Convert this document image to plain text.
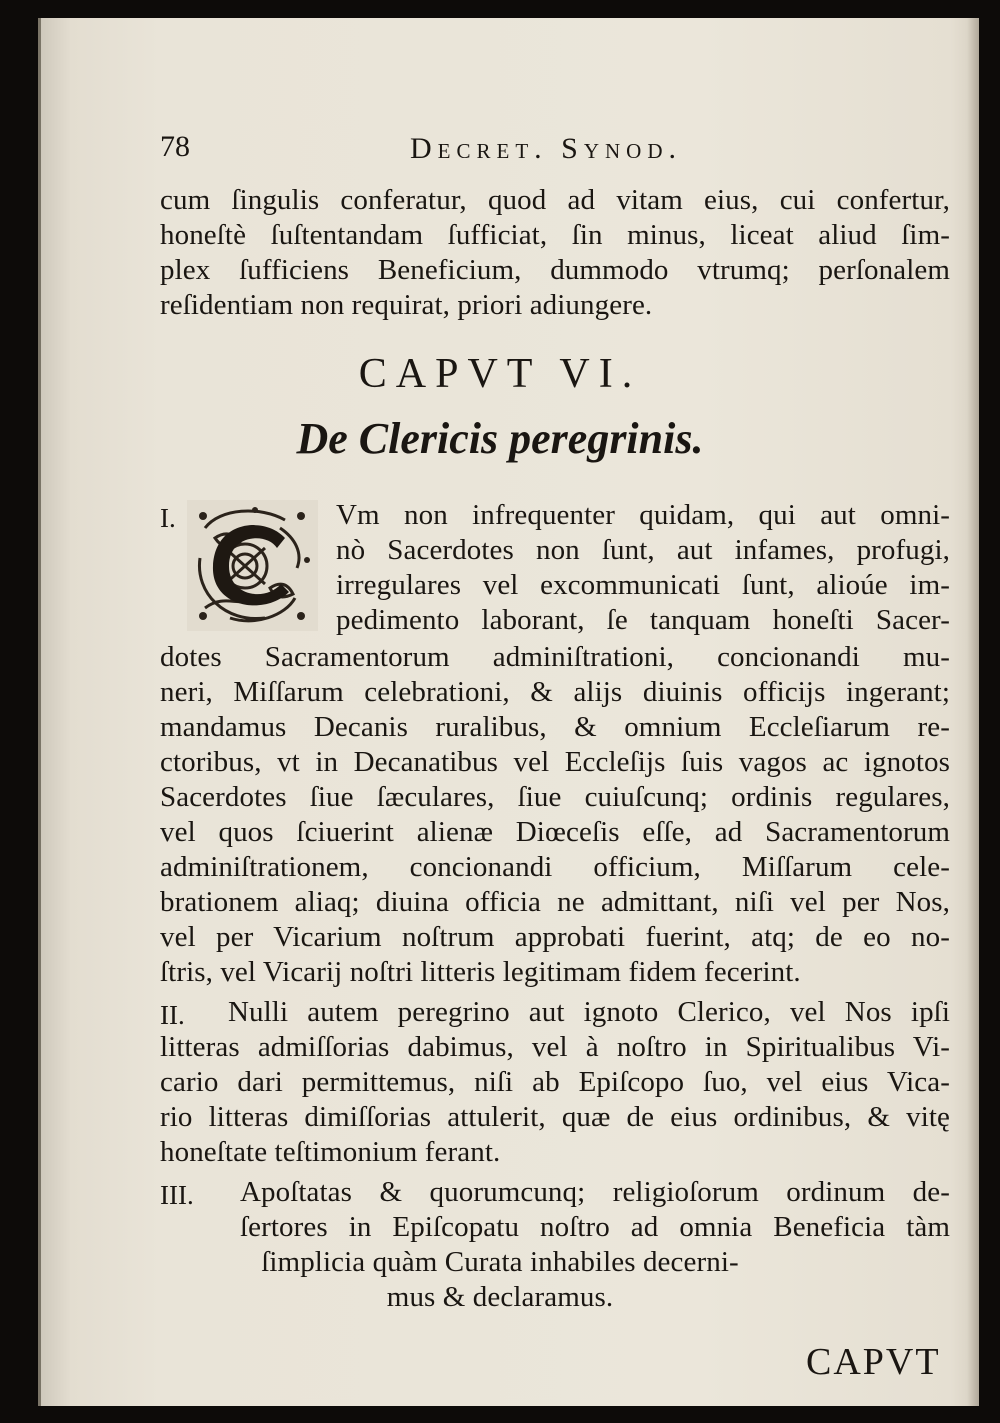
78	Decret. Synod.
cum ſingulis conferatur, quod ad vitam eius, cui confertur,
honeſtè ſuſtentandam ſufficiat, ſin minus, liceat aliud ſim-
plex ſufficiens Beneficium, dummodo vtrumq; perſonalem
reſidentiam non requirat, priori adiungere.
CAPVT VI.
De Clericis peregrinis.
I.	Vm non infrequenter quidam, qui aut omni-
nò Sacerdotes non ſunt, aut infames, profugi,
irregulares vel excommunicati ſunt, alioúe im-
pedimento laborant, ſe tanquam honeſti Sacer-
dotes Sacramentorum adminiſtrationi, concionandi mu-
neri, Miſſarum celebrationi, & alijs diuinis officijs ingerant;
mandamus Decanis ruralibus, & omnium Eccleſiarum re-
ctoribus, vt in Decanatibus vel Eccleſijs ſuis vagos ac ignotos
Sacerdotes ſiue ſæculares, ſiue cuiuſcunq; ordinis regulares,
vel quos ſciuerint alienæ Diœceſis eſſe, ad Sacramentorum
adminiſtrationem, concionandi officium, Miſſarum cele-
brationem aliaq; diuina officia ne admittant, niſi vel per Nos,
vel per Vicarium noſtrum approbati fuerint, atq; de eo no-
ſtris, vel Vicarij noſtri litteris legitimam fidem fecerint.
II. Nulli autem peregrino aut ignoto Clerico, vel Nos ipſi
litteras admiſſorias dabimus, vel à noſtro in Spiritualibus Vi-
cario dari permittemus, niſi ab Epiſcopo ſuo, vel eius Vica-
rio litteras dimiſſorias attulerit, quæ de eius ordinibus, & vitę
honeſtate teſtimonium ferant.
III. Apoſtatas & quorumcunq; religioſorum ordinum de-
ſertores in Epiſcopatu noſtro ad omnia Beneficia tàm
ſimplicia quàm Curata inhabiles decerni-
mus & declaramus.
CAPVT
